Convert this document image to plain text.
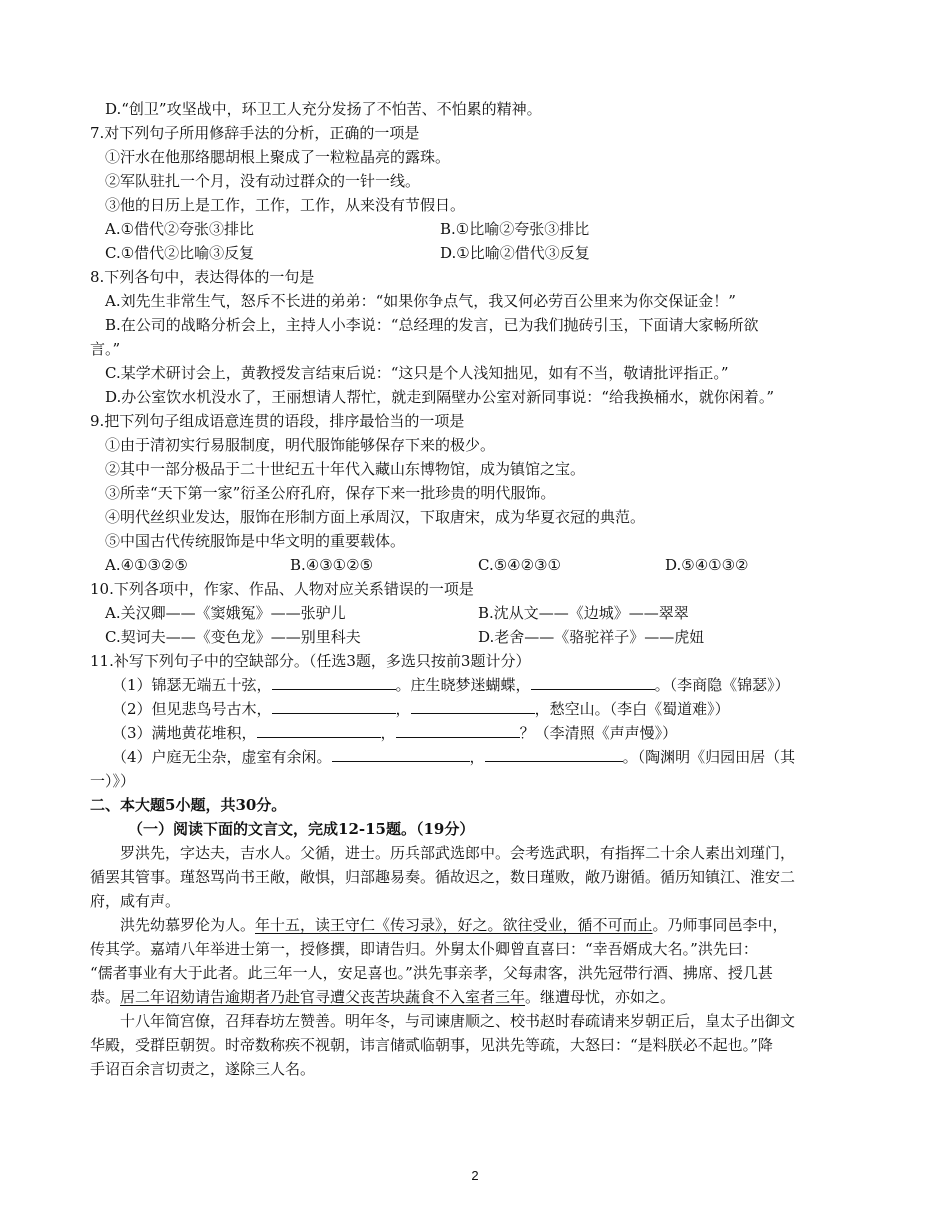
D.“创卫”攻坚战中，环卫工人充分发扬了不怕苦、不怕累的精神。
7.对下列句子所用修辞手法的分析，正确的一项是
①汗水在他那络腮胡根上聚成了一粒粒晶亮的露珠。
②军队驻扎一个月，没有动过群众的一针一线。
③他的日历上是工作，工作，工作，从来没有节假日。
A.①借代②夸张③排比	B.①比喻②夸张③排比
C.①借代②比喻③反复	D.①比喻②借代③反复
8.下列各句中，表达得体的一句是
A.刘先生非常生气，怒斥不长进的弟弟：“如果你争点气，我又何必劳百公里来为你交保证金！”
B.在公司的战略分析会上，主持人小李说：“总经理的发言，已为我们抛砖引玉，下面请大家畅所欲
言。”
C.某学术研讨会上，黄教授发言结束后说：“这只是个人浅知拙见，如有不当，敬请批评指正。”
D.办公室饮水机没水了，王丽想请人帮忙，就走到隔壁办公室对新同事说：“给我换桶水，就你闲着。”
9.把下列句子组成语意连贯的语段，排序最恰当的一项是
①由于清初实行易服制度，明代服饰能够保存下来的极少。
②其中一部分极品于二十世纪五十年代入藏山东博物馆，成为镇馆之宝。
③所幸“天下第一家”衍圣公府孔府，保存下来一批珍贵的明代服饰。
④明代丝织业发达，服饰在形制方面上承周汉，下取唐宋，成为华夏衣冠的典范。
⑤中国古代传统服饰是中华文明的重要载体。
A.④①③②⑤	B.④③①②⑤	C.⑤④②③①	D.⑤④①③②
10.下列各项中，作家、作品、人物对应关系错误的一项是
A.关汉卿——《窦娥冤》——张驴儿	B.沈从文——《边城》——翠翠
C.契诃夫——《变色龙》——别里科夫	D.老舍——《骆驼祥子》——虎妞
11.补写下列句子中的空缺部分。（任选3题，多选只按前3题计分）
（1）锦瑟无端五十弦，	。庄生晓梦迷蝴蝶，	。（李商隐《锦瑟》）
（2）但见悲鸟号古木，	，	，愁空山。（李白《蜀道难》）
（3）满地黄花堆积，	，	？（李清照《声声慢》）
（4）户庭无尘杂，虚室有余闲。	，	。（陶渊明《归园田居（其
一）》）
二、本大题5小题，共30分。
（一）阅读下面的文言文，完成12-15题。（19分）
罗洪先，字达夫，吉水人。父循，进士。历兵部武选郎中。会考选武职，有指挥二十余人素出刘瑾门，
循罢其管事。瑾怒骂尚书王敞，敞惧，归部趣易奏。循故迟之，数日瑾败，敞乃谢循。循历知镇江、淮安二
府，咸有声。
洪先幼慕罗伦为人。年十五，读王守仁《传习录》，好之。欲往受业，循不可而止。乃师事同邑李中，
传其学。嘉靖八年举进士第一，授修撰，即请告归。外舅太仆卿曾直喜曰：“幸吾婿成大名。”洪先曰：
“儒者事业有大于此者。此三年一人，安足喜也。”洪先事亲孝，父每肃客，洪先冠带行酒、拂席、授几甚
恭。居二年诏劾请告逾期者乃赴官寻遭父丧苦块蔬食不入室者三年。继遭母忧，亦如之。
十八年简宫僚，召拜春坊左赞善。明年冬，与司谏唐顺之、校书赵时春疏请来岁朝正后，皇太子出御文
华殿，受群臣朝贺。时帝数称疾不视朝，讳言储贰临朝事，见洪先等疏，大怒曰：“是料朕必不起也。”降
手诏百余言切责之，遂除三人名。
2
